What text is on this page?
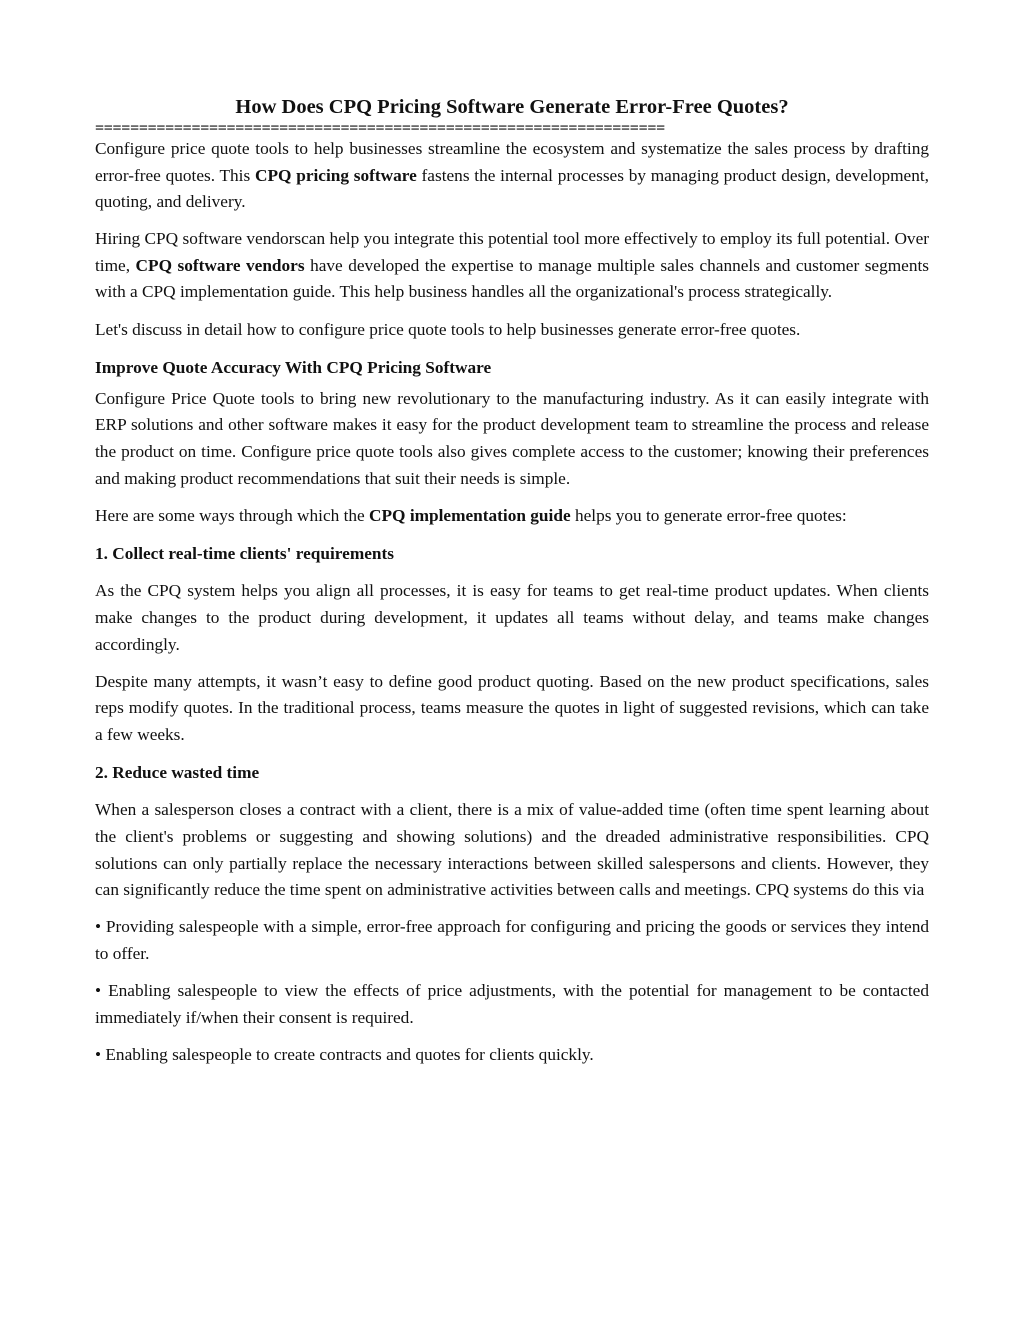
How Does CPQ Pricing Software Generate Error-Free Quotes?
=================================================================

Configure price quote tools to help businesses streamline the ecosystem and systematize the sales process by drafting error-free quotes. This CPQ pricing software fastens the internal processes by managing product design, development, quoting, and delivery.

Hiring CPQ software vendorscan help you integrate this potential tool more effectively to employ its full potential. Over time, CPQ software vendors have developed the expertise to manage multiple sales channels and customer segments with a CPQ implementation guide. This help business handles all the organizational's process strategically.

Let's discuss in detail how to configure price quote tools to help businesses generate error-free quotes.

Improve Quote Accuracy With CPQ Pricing Software

Configure Price Quote tools to bring new revolutionary to the manufacturing industry. As it can easily integrate with ERP solutions and other software makes it easy for the product development team to streamline the process and release the product on time. Configure price quote tools also gives complete access to the customer; knowing their preferences and making product recommendations that suit their needs is simple.

Here are some ways through which the CPQ implementation guide helps you to generate error-free quotes:

1. Collect real-time clients' requirements

As the CPQ system helps you align all processes, it is easy for teams to get real-time product updates. When clients make changes to the product during development, it updates all teams without delay, and teams make changes accordingly.

Despite many attempts, it wasn’t easy to define good product quoting. Based on the new product specifications, sales reps modify quotes. In the traditional process, teams measure the quotes in light of suggested revisions, which can take a few weeks.

2. Reduce wasted time

When a salesperson closes a contract with a client, there is a mix of value-added time (often time spent learning about the client's problems or suggesting and showing solutions) and the dreaded administrative responsibilities. CPQ solutions can only partially replace the necessary interactions between skilled salespersons and clients. However, they can significantly reduce the time spent on administrative activities between calls and meetings. CPQ systems do this via

• Providing salespeople with a simple, error-free approach for configuring and pricing the goods or services they intend to offer.

• Enabling salespeople to view the effects of price adjustments, with the potential for management to be contacted immediately if/when their consent is required.

• Enabling salespeople to create contracts and quotes for clients quickly.
